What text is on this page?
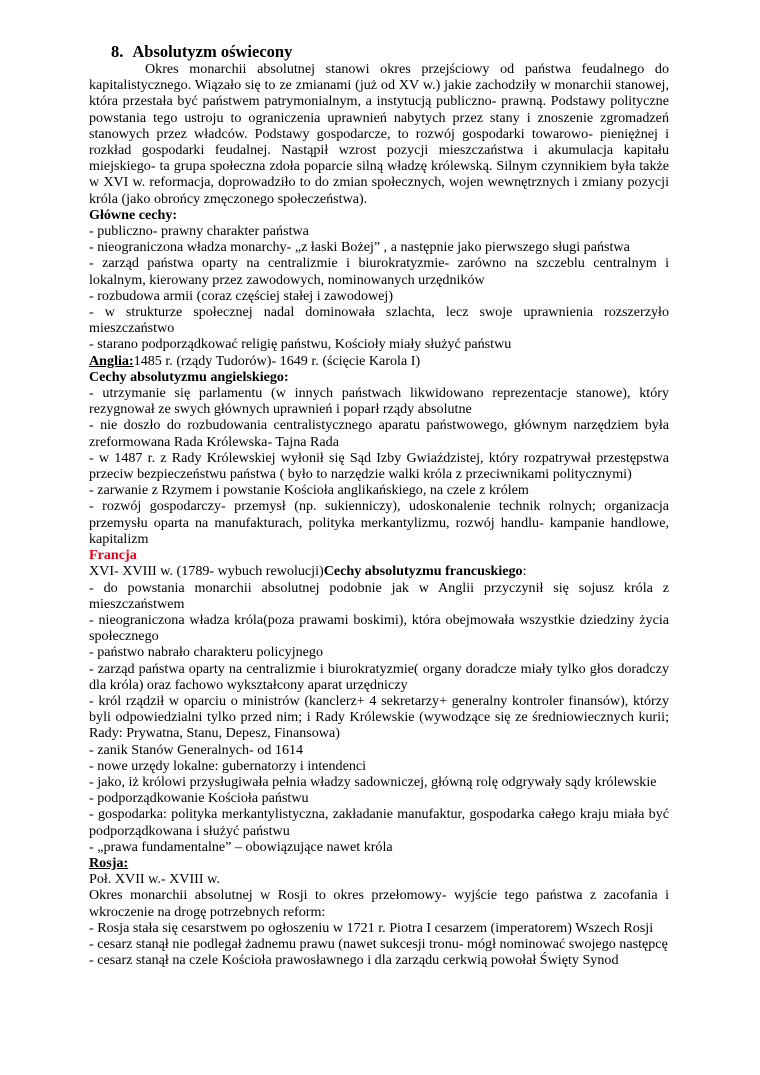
8. Absolutyzm oświecony

Okres monarchii absolutnej stanowi okres przejściowy od państwa feudalnego do kapitalistycznego. Wiązało się to ze zmianami (już od XV w.) jakie zachodziły w monarchii stanowej, która przestała być państwem patrymonialnym, a instytucją publiczno- prawną. Podstawy polityczne powstania tego ustroju to ograniczenia uprawnień nabytych przez stany i znoszenie zgromadzeń stanowych przez władców. Podstawy gospodarcze, to rozwój gospodarki towarowo- pieniężnej i rozkład gospodarki feudalnej. Nastąpił wzrost pozycji mieszczaństwa i akumulacja kapitału miejskiego- ta grupa społeczna zdoła poparcie silną władzę królewską. Silnym czynnikiem była także w XVI w. reformacja, doprowadziło to do zmian społecznych, wojen wewnętrznych i zmiany pozycji króla (jako obrońcy zmęczonego społeczeństwa).

Główne cechy:
- publiczno- prawny charakter państwa
- nieograniczona władza monarchy- „z łaski Bożej” , a następnie jako pierwszego sługi państwa
- zarząd państwa oparty na centralizmie i biurokratyzmie- zarówno na szczeblu centralnym i lokalnym, kierowany przez zawodowych, nominowanych urzędników
- rozbudowa armii (coraz częściej stałej i zawodowej)
- w strukturze społecznej nadal dominowała szlachta, lecz swoje uprawnienia rozszerzyło mieszczaństwo
- starano podporządkować religię państwu, Kościoły miały służyć państwu
Anglia:1485 r. (rządy Tudorów)- 1649 r. (ścięcie Karola I)
Cechy absolutyzmu angielskiego:
- utrzymanie się parlamentu (w innych państwach likwidowano reprezentacje stanowe), który rezygnował ze swych głównych uprawnień i poparł rządy absolutne
- nie doszło do rozbudowania centralistycznego aparatu państwowego, głównym narzędziem była zreformowana Rada Królewska- Tajna Rada
- w 1487 r. z Rady Królewskiej wyłonił się Sąd Izby Gwiaździstej, który rozpatrywał przestępstwa przeciw bezpieczeństwu państwa ( było to narzędzie walki króla z przeciwnikami politycznymi)
- zarwanie z Rzymem i powstanie Kościoła anglikańskiego, na czele z królem
- rozwój gospodarczy- przemysł (np. sukienniczy), udoskonalenie technik rolnych; organizacja przemysłu oparta na manufakturach, polityka merkantylizmu, rozwój handlu- kampanie handlowe, kapitalizm
Francja
XVI- XVIII w. (1789- wybuch rewolucji)Cechy absolutyzmu francuskiego:
- do powstania monarchii absolutnej podobnie jak w Anglii przyczynił się sojusz króla z mieszczaństwem
- nieograniczona władza króla(poza prawami boskimi), która obejmowała wszystkie dziedziny życia społecznego
- państwo nabrało charakteru policyjnego
- zarząd państwa oparty na centralizmie i biurokratyzmie( organy doradcze miały tylko głos doradczy dla króla) oraz fachowo wykształcony aparat urzędniczy
- król rządził w oparciu o ministrów (kanclerz+ 4 sekretarzy+ generalny kontroler finansów), którzy byli odpowiedzialni tylko przed nim; i Rady Królewskie (wywodzące się ze średniowiecznych kurii; Rady: Prywatna, Stanu, Depesz, Finansowa)
- zanik Stanów Generalnych- od 1614
- nowe urzędy lokalne: gubernatorzy i intendenci
- jako, iż królowi przysługiwała pełnia władzy sadowniczej, główną rolę odgrywały sądy królewskie
- podporządkowanie Kościoła państwu
- gospodarka: polityka merkantylistyczna, zakładanie manufaktur, gospodarka całego kraju miała być podporządkowana i służyć państwu
- „prawa fundamentalne” – obowiązujące nawet króla
Rosja:
Poł. XVII w.- XVIII w.

Okres monarchii absolutnej w Rosji to okres przełomowy- wyjście tego państwa z zacofania i wkroczenie na drogę potrzebnych reform:

- Rosja stała się cesarstwem po ogłoszeniu w 1721 r. Piotra I cesarzem (imperatorem) Wszech Rosji
- cesarz stanął nie podlegał żadnemu prawu (nawet sukcesji tronu- mógł nominować swojego następcę
- cesarz stanął na czele Kościoła prawosławnego i dla zarządu cerkwią powołał Święty Synod
